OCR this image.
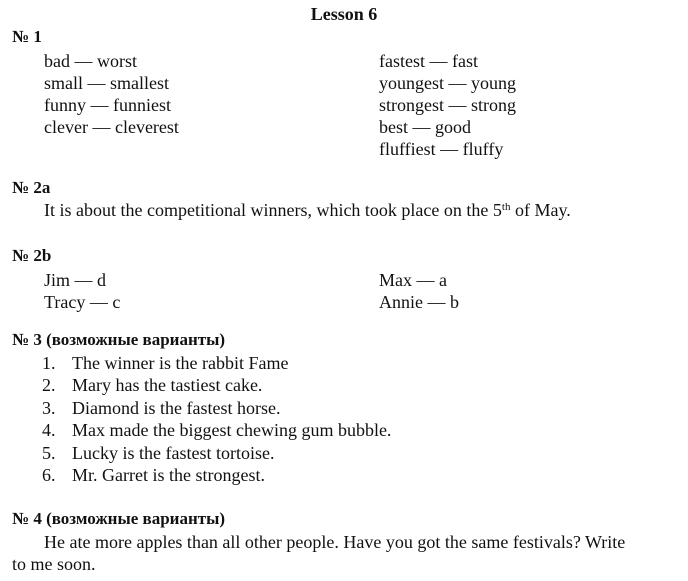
Lesson 6
№ 1
bad — worst
small — smallest
funny — funniest
clever — cleverest
fastest — fast
youngest — young
strongest — strong
best — good
fluffiest — fluffy
№ 2a
It is about the competitional winners, which took place on the 5th of May.
№ 2b
Jim — d
Tracy — c
Max — a
Annie — b
№ 3 (возможные варианты)
1. The winner is the rabbit Fame
2. Mary has the tastiest cake.
3. Diamond is the fastest horse.
4. Max made the biggest chewing gum bubble.
5. Lucky is the fastest tortoise.
6. Mr. Garret is the strongest.
№ 4 (возможные варианты)
He ate more apples than all other people. Have you got the same festivals? Write
to me soon.
